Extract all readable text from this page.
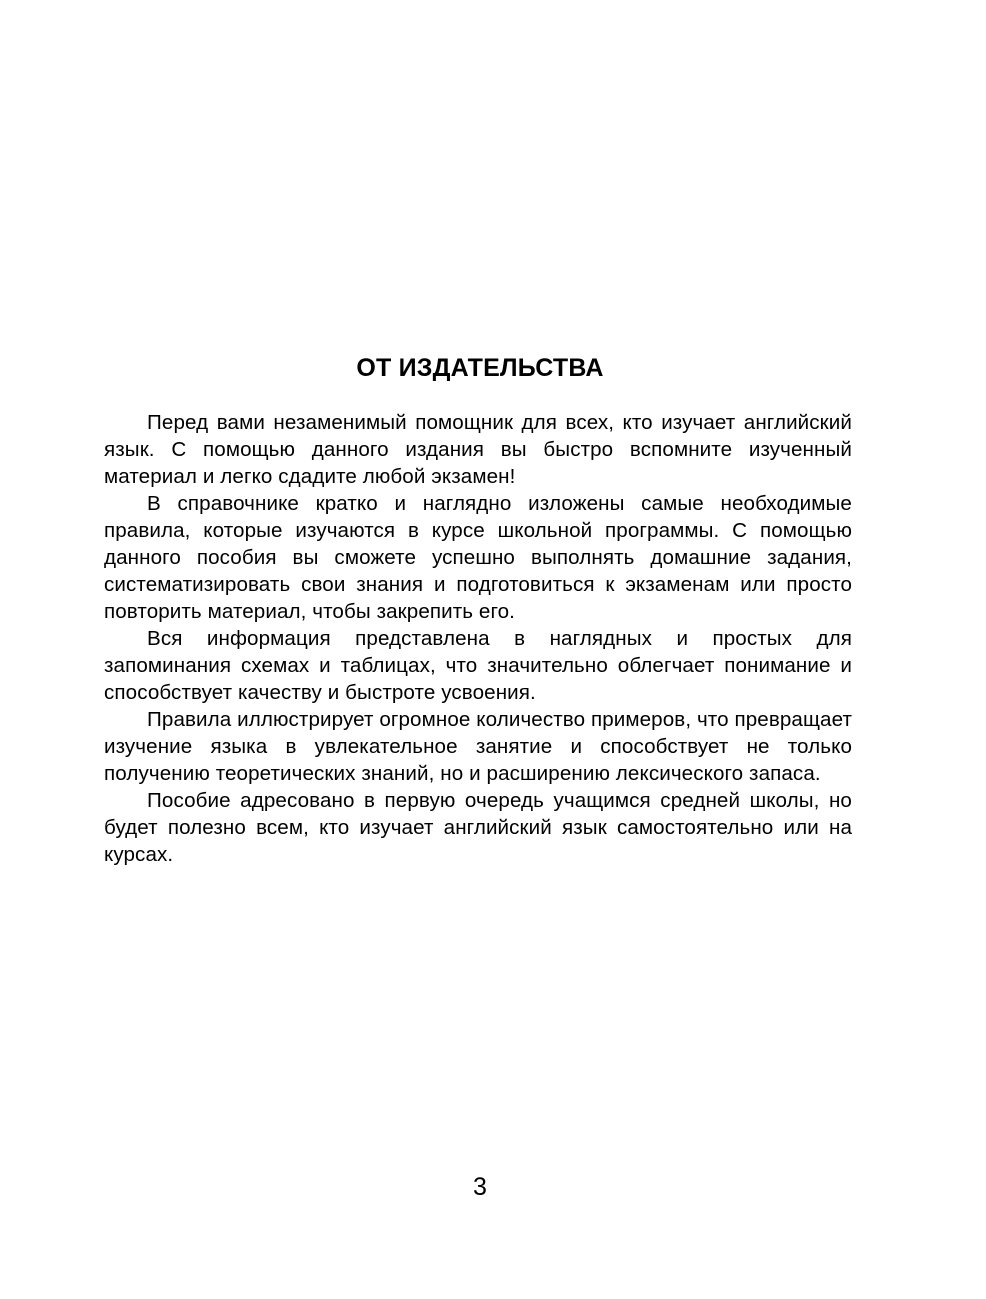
ОТ ИЗДАТЕЛЬСТВА

Перед вами незаменимый помощник для всех, кто изучает английский язык. С помощью данного издания вы быстро вспомните изученный материал и легко сдадите любой экзамен!

В справочнике кратко и наглядно изложены самые необходимые правила, которые изучаются в курсе школьной программы. С помощью данного пособия вы сможете успешно выполнять домашние задания, систематизировать свои знания и подготовиться к экзаменам или просто повторить материал, чтобы закрепить его.

Вся информация представлена в наглядных и простых для запоминания схемах и таблицах, что значительно облегчает понимание и способствует качеству и быстроте усвоения.

Правила иллюстрирует огромное количество примеров, что превращает изучение языка в увлекательное занятие и способствует не только получению теоретических знаний, но и расширению лексического запаса.

Пособие адресовано в первую очередь учащимся средней школы, но будет полезно всем, кто изучает английский язык самостоятельно или на курсах.

3
